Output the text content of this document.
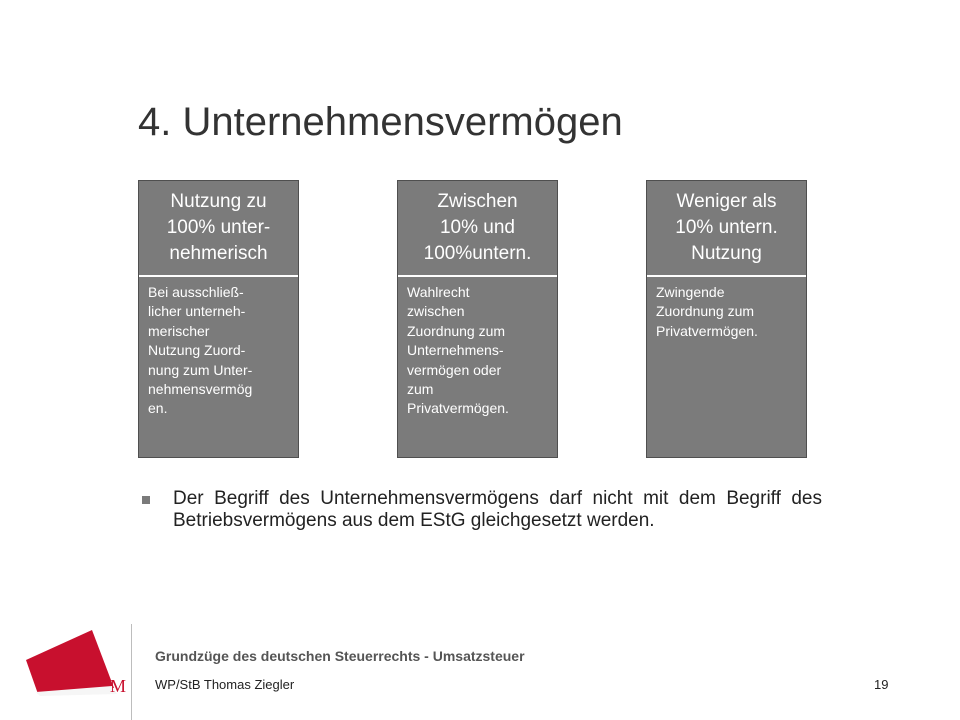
4. Unternehmensvermögen
Nutzung zu
100% unter-
nehmerisch
Bei ausschließ-
licher unterneh-
merischer
Nutzung Zuord-
nung zum Unter-
nehmensvermög
en.
Zwischen
10% und
100%untern.
Wahlrecht
zwischen
Zuordnung zum
Unternehmens-
vermögen oder
zum
Privatvermögen.
Weniger als
10% untern.
Nutzung
Zwingende
Zuordnung zum
Privatvermögen.
Der Begriff des Unternehmensvermögens darf nicht mit dem Begriff des Betriebsvermögens aus dem EStG gleichgesetzt werden.
M
Grundzüge des deutschen Steuerrechts - Umsatzsteuer
WP/StB Thomas Ziegler	19
